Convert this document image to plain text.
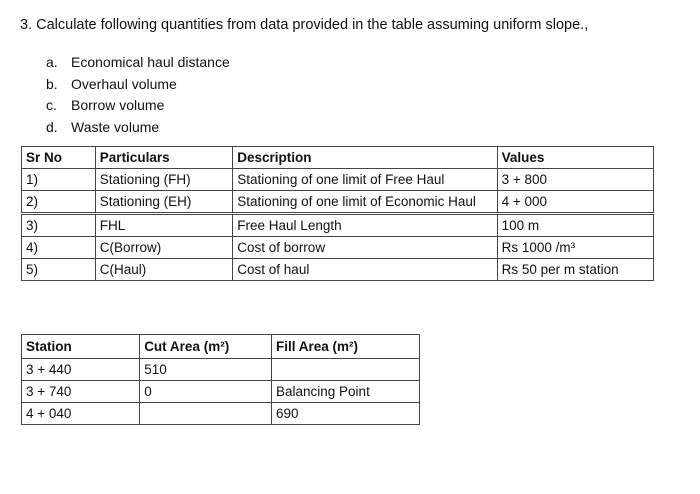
3. Calculate following quantities from data provided in the table assuming uniform slope.,
a. Economical haul distance
b. Overhaul volume
c. Borrow volume
d. Waste volume
Sr No	Particulars	Description	Values
1)	Stationing (FH)	Stationing of one limit of Free Haul	3 + 800
2)	Stationing (EH)	Stationing of one limit of Economic Haul	4 + 000
3)	FHL	Free Haul Length	100 m
4)	C(Borrow)	Cost of borrow	Rs 1000 /m³
5)	C(Haul)	Cost of haul	Rs 50 per m station
Station	Cut Area (m²)	Fill Area (m²)
3 + 440	510	
3 + 740	0	Balancing Point
4 + 040		690
